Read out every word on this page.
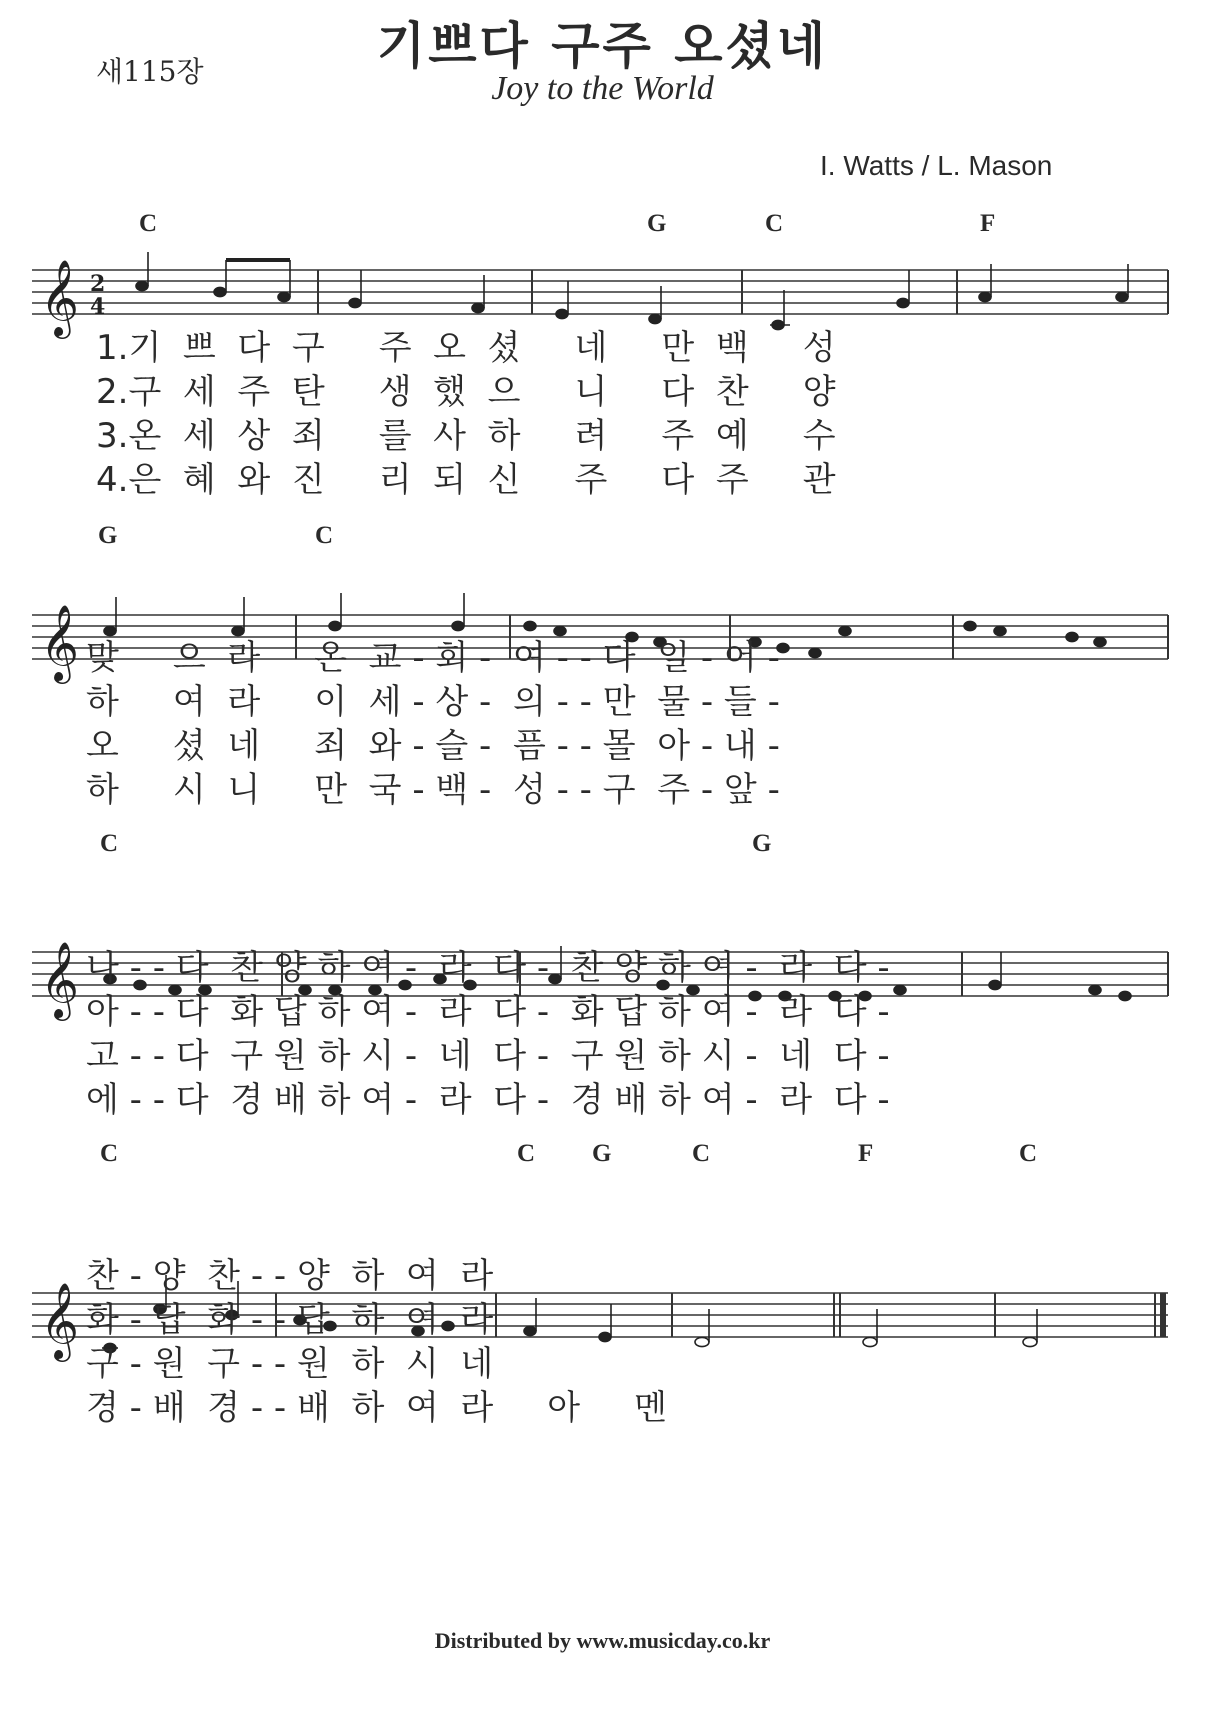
새115장	기쁘다 구주 오셨네
Joy to the World
I. Watts / L. Mason
𝄞 2
4
C	G	C	F
1.기  쁘  다  구     주  오  셨     네     만  백     성
2.구  세  주  탄     생  했  으     니     다  찬     양
3.온  세  상  죄     를  사  하     려     주  예     수
4.은  혜  와  진     리  되  신     주     다  주     관
𝄞
G	C
맞     으  라     온  교 - 회 -  여 - - 다  일 - 어 -
하     여  라     이  세 - 상 -  의 - - 만  물 - 들 -
오     셨  네     죄  와 - 슬 -  픔 - - 몰  아 - 내 -
하     시  니     만  국 - 백 -  성 - - 구  주 - 앞 -
𝄞
C	G
나 - - 다  찬 양 하 여 -  라  다 -  찬 양 하 여 -  라  다 -
아 - - 다  화 답 하 여 -  라  다 -  화 답 하 여 -  라  다 -
고 - - 다  구 원 하 시 -  네  다 -  구 원 하 시 -  네  다 -
에 - - 다  경 배 하 여 -  라  다 -  경 배 하 여 -  라  다 -
𝄞
C	C G	C	F	C
찬 - 양  찬 - - 양  하  여  라
화 - 답  화 - - 답  하  여  라
구 - 원  구 - - 원  하  시  네
경 - 배  경 - - 배  하  여  라     아     멘
Distributed by www.musicday.co.kr
